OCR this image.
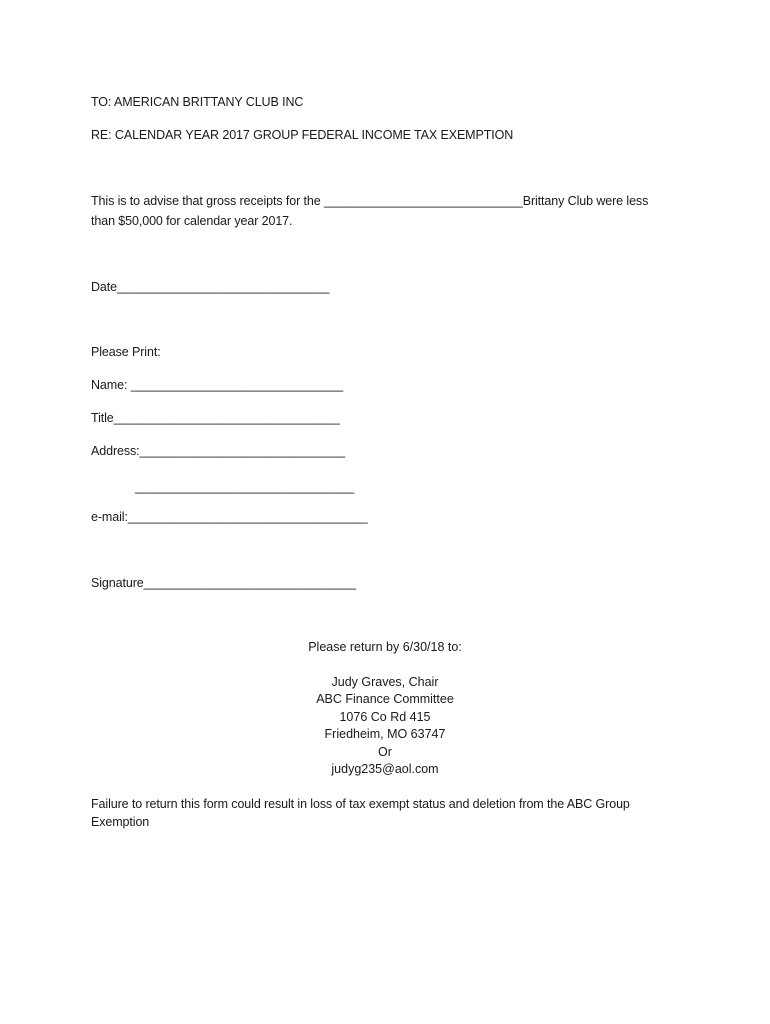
TO: AMERICAN BRITTANY CLUB INC
RE: CALENDAR YEAR 2017 GROUP FEDERAL INCOME TAX EXEMPTION
This is to advise that gross receipts for the _____________________________Brittany Club were less
than $50,000 for calendar year 2017.
Date_______________________________
Please Print:
Name: _______________________________
Title_________________________________
Address:______________________________
________________________________
e-mail:___________________________________
Signature_______________________________
Please return by 6/30/18 to:
Judy Graves, Chair
ABC Finance Committee
1076 Co Rd 415
Friedheim, MO 63747
Or
judyg235@aol.com
Failure to return this form could result in loss of tax exempt status and deletion from the ABC Group
Exemption
